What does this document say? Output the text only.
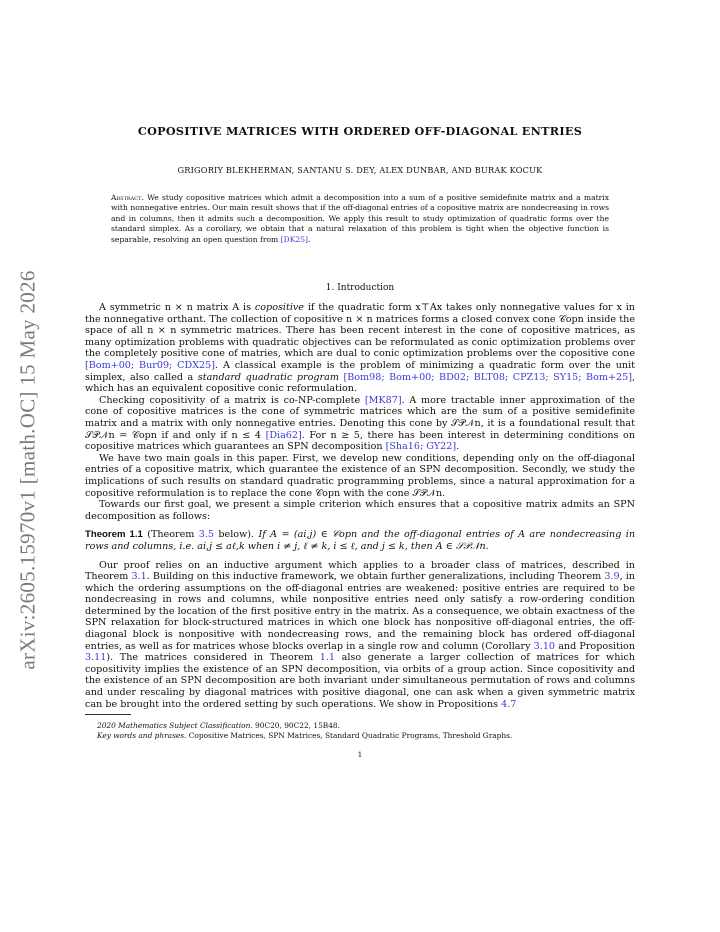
arXiv:2605.15970v1 [math.OC] 15 May 2026
COPOSITIVE MATRICES WITH ORDERED OFF-DIAGONAL ENTRIES
GRIGORIY BLEKHERMAN, SANTANU S. DEY, ALEX DUNBAR, AND BURAK KOCUK
Abstract. We study copositive matrices which admit a decomposition into a sum of a positive semidefinite matrix and a matrix with nonnegative entries. Our main result shows that if the off-diagonal entries of a copositive matrix are nondecreasing in rows and in columns, then it admits such a decomposition. We apply this result to study optimization of quadratic forms over the standard simplex. As a corollary, we obtain that a natural relaxation of this problem is tight when the objective function is separable, resolving an open question from [DK25].
1. Introduction

A symmetric n × n matrix A is copositive if the quadratic form x⊤Ax takes only nonnegative values for x in the nonnegative orthant. The collection of copositive n × n matrices forms a closed convex cone 𝒞opn inside the space of all n × n symmetric matrices. There has been recent interest in the cone of copositive matrices, as many optimization problems with quadratic objectives can be reformulated as conic optimization problems over the completely positive cone of matries, which are dual to conic optimization problems over the copositive cone [Bom+00; Bur09; CDX25]. A classical example is the problem of minimizing a quadratic form over the unit simplex, also called a standard quadratic program [Bom98; Bom+00; BD02; BLT08; CPZ13; SY15; Bom+25], which has an equivalent copositive conic reformulation.

Checking copositivity of a matrix is co-NP-complete [MK87]. A more tractable inner approximation of the cone of copositive matrices is the cone of symmetric matrices which are the sum of a positive semidefinite matrix and a matrix with only nonnegative entries. Denoting this cone by 𝒮𝒫𝒩n, it is a foundational result that 𝒮𝒫𝒩n = 𝒞opn if and only if n ≤ 4 [Dia62]. For n ≥ 5, there has been interest in determining conditions on copositive matrices which guarantees an SPN decomposition [Sha16; GY22].

We have two main goals in this paper. First, we develop new conditions, depending only on the off-diagonal entries of a copositive matrix, which guarantee the existence of an SPN decomposition. Secondly, we study the implications of such results on standard quadratic programming problems, since a natural approximation for a copositive reformulation is to replace the cone 𝒞opn with the cone 𝒮𝒫𝒩n.

Towards our first goal, we present a simple criterion which ensures that a copositive matrix admits an SPN decomposition as follows:

Theorem 1.1 (Theorem 3.5 below). If A = (ai,j) ∈ 𝒞opn and the off-diagonal entries of A are nondecreasing in rows and columns, i.e. ai,j ≤ aℓ,k when i ≠ j, ℓ ≠ k, i ≤ ℓ, and j ≤ k, then A ∈ 𝒮𝒫𝒩n.

Our proof relies on an inductive argument which applies to a broader class of matrices, described in Theorem 3.1. Building on this inductive framework, we obtain further generalizations, including Theorem 3.9, in which the ordering assumptions on the off-diagonal entries are weakened: positive entries are required to be nondecreasing in rows and columns, while nonpositive entries need only satisfy a row-ordering condition determined by the location of the first positive entry in the matrix. As a consequence, we obtain exactness of the SPN relaxation for block-structured matrices in which one block has nonpositive off-diagonal entries, the off-diagonal block is nonpositive with nondecreasing rows, and the remaining block has ordered off-diagonal entries, as well as for matrices whose blocks overlap in a single row and column (Corollary 3.10 and Proposition 3.11). The matrices considered in Theorem 1.1 also generate a larger collection of matrices for which copositivity implies the existence of an SPN decomposition, via orbits of a group action. Since copositivity and the existence of an SPN decomposition are both invariant under simultaneous permutation of rows and columns and under rescaling by diagonal matrices with positive diagonal, one can ask when a given symmetric matrix can be brought into the ordered setting by such operations. We show in Propositions 4.7

2020 Mathematics Subject Classification. 90C20, 90C22, 15B48.
Key words and phrases. Copositive Matrices, SPN Matrices, Standard Quadratic Programs, Threshold Graphs.
1
